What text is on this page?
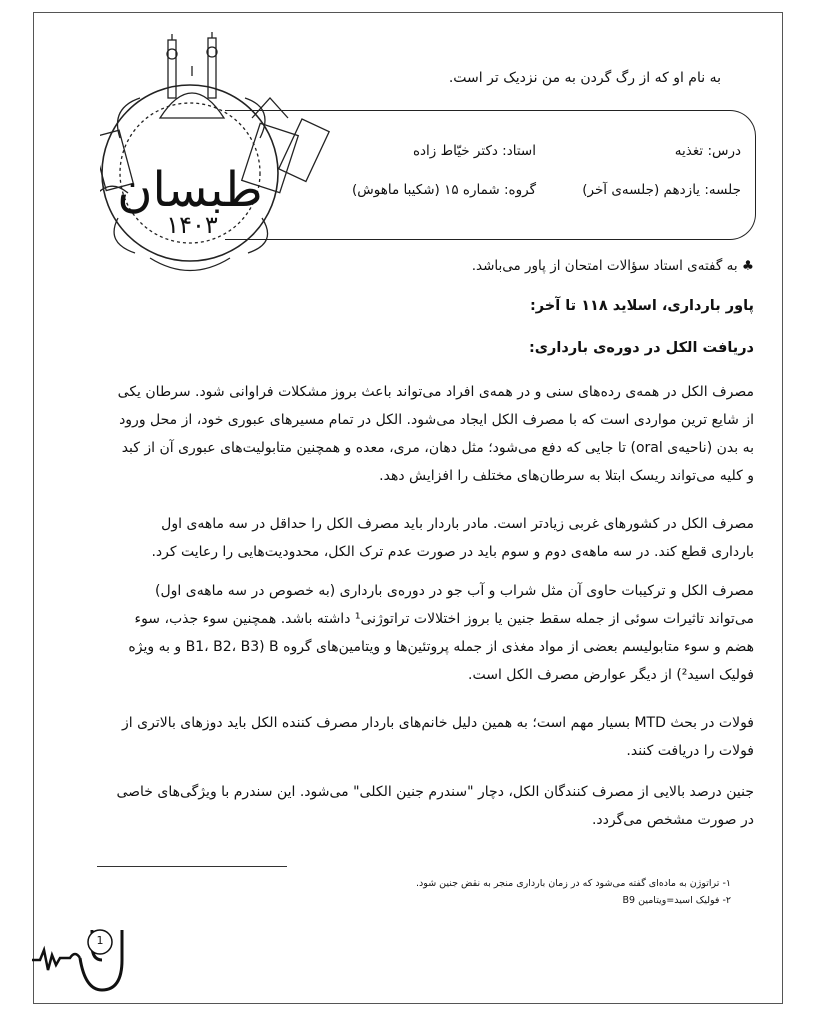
طبسان
۱۴۰۳
به نام او که از رگ گردن به من نزدیک تر است.
درس: تغذیه
استاد: دکتر خیّاط زاده
جلسه: یازدهم (جلسه‌ی آخر)
گروه: شماره ۱۵ (شکیبا ماهوش)
♣ به گفته‌ی استاد سؤالات امتحان از پاور می‌باشد.
پاور بارداری، اسلاید ۱۱۸ تا آخر:
دریافت الکل در دوره‌ی بارداری:
مصرف الکل در همه‌ی رده‌های سنی و در همه‌ی افراد می‌تواند باعث بروز مشکلات فراوانی شود. سرطان یکی از شایع ترین مواردی است که با مصرف الکل ایجاد می‌شود. الکل در تمام مسیرهای عبوری خود، از محل ورود به بدن (ناحیه‌ی oral) تا جایی که دفع می‌شود؛ مثل دهان، مری، معده و همچنین متابولیت‌های عبوری آن از کبد و کلیه می‌تواند ریسک ابتلا به سرطان‌های مختلف را افزایش دهد.
مصرف الکل در کشورهای غربی زیادتر است. مادر باردار باید مصرف الکل را حداقل در سه ماهه‌ی اول بارداری قطع کند. در سه ماهه‌ی دوم و سوم باید در صورت عدم ترک الکل، محدودیت‌هایی را رعایت کرد.
مصرف الکل و ترکیبات حاوی آن مثل شراب و آب جو در دوره‌ی بارداری (به خصوص در سه ماهه‌ی اول) می‌تواند تاثیرات سوئی از جمله سقط جنین یا بروز اختلالات تراتوژنی¹ داشته باشد. همچنین سوء جذب، سوء هضم و سوء متابولیسم بعضی از مواد مغذی از جمله پروتئین‌ها و ویتامین‌های گروه B (B1، B2، B3 و به ویژه فولیک اسید²) از دیگر عوارض مصرف الکل است.
فولات در بحث MTD بسیار مهم است؛ به همین دلیل خانم‌های باردار مصرف کننده الکل باید دوزهای بالاتری از فولات را دریافت کنند.
جنین درصد بالایی از مصرف کنندگان الکل، دچار "سندرم جنین الکلی" می‌شود. این سندرم با ویژگی‌های خاصی در صورت مشخص می‌گردد.
۱- تراتوژن به ماده‌ای گفته می‌شود که در زمان بارداری منجر به نقض جنین شود.
۲- فولیک اسید=ویتامین B9
1
